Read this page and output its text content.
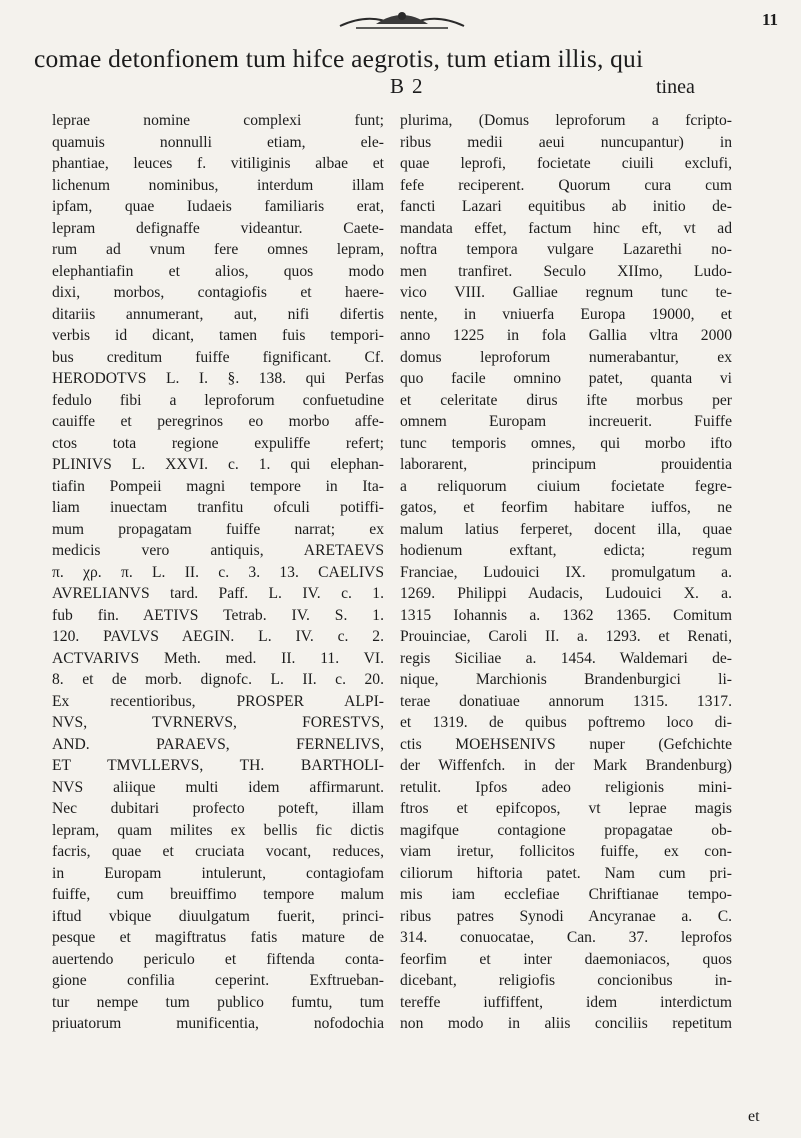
11

comae detonfionem tum hifce aegrotis, tum etiam illis, qui

B 2	tinea

leprae nomine complexi funt;

quamuis nonnulli etiam, ele-

phantiae, leuces f. vitiliginis albae et

lichenum nominibus, interdum illam

ipfam, quae Iudaeis familiaris erat,

lepram defignaffe videantur. Caete-

rum ad vnum fere omnes lepram,

elephantiafin et alios, quos modo

dixi, morbos, contagiofis et haere-

ditariis annumerant, aut, nifi difertis

verbis id dicant, tamen fuis tempori-

bus creditum fuiffe fignificant. Cf.

HERODOTVS L. I. §. 138. qui Perfas

fedulo fibi a leproforum confuetudine

cauiffe et peregrinos eo morbo affe-

ctos tota regione expuliffe refert;

PLINIVS L. XXVI. c. 1. qui elephan-

tiafin Pompeii magni tempore in Ita-

liam inuectam tranfitu ofculi potiffi-

mum propagatam fuiffe narrat; ex

medicis vero antiquis, ARETAEVS

π. χρ. π. L. II. c. 3. 13. CAELIVS

AVRELIANVS tard. Paff. L. IV. c. 1.

fub fin. AETIVS Tetrab. IV. S. 1.

120. PAVLVS AEGIN. L. IV. c. 2.

ACTVARIVS Meth. med. II. 11. VI.

8. et de morb. dignofc. L. II. c. 20.

Ex recentioribus, PROSPER ALPI-

NVS, TVRNERVS, FORESTVS,

AND. PARAEVS, FERNELIVS,

ET TMVLLERVS, TH. BARTHOLI-

NVS aliique multi idem affirmarunt.

Nec dubitari profecto poteft, illam

lepram, quam milites ex bellis fic dictis

facris, quae et cruciata vocant, reduces,

in Europam intulerunt, contagiofam

fuiffe, cum breuiffimo tempore malum

iftud vbique diuulgatum fuerit, princi-

pesque et magiftratus fatis mature de

auertendo periculo et fiftenda conta-

gione confilia ceperint. Exftrueban-

tur nempe tum publico fumtu, tum

priuatorum munificentia, nofodochia

plurima, (Domus leproforum a fcripto-

ribus medii aeui nuncupantur) in

quae leprofi, focietate ciuili exclufi,

fefe reciperent. Quorum cura cum

fancti Lazari equitibus ab initio de-

mandata effet, factum hinc eft, vt ad

noftra tempora vulgare Lazarethi no-

men tranfiret. Seculo XIImo, Ludo-

vico VIII. Galliae regnum tunc te-

nente, in vniuerfa Europa 19000, et

anno 1225 in fola Gallia vltra 2000

domus leproforum numerabantur, ex

quo facile omnino patet, quanta vi

et celeritate dirus ifte morbus per

omnem Europam increuerit. Fuiffe

tunc temporis omnes, qui morbo ifto

laborarent, principum prouidentia

a reliquorum ciuium focietate fegre-

gatos, et feorfim habitare iuffos, ne

malum latius ferperet, docent illa, quae

hodienum exftant, edicta; regum

Franciae, Ludouici IX. promulgatum a.

1269. Philippi Audacis, Ludouici X. a.

1315 Iohannis a. 1362 1365. Comitum

Prouinciae, Caroli II. a. 1293. et Renati,

regis Siciliae a. 1454. Waldemari de-

nique, Marchionis Brandenburgici li-

terae donatiuae annorum 1315. 1317.

et 1319. de quibus poftremo loco di-

ctis MOEHSENIVS nuper (Gefchichte

der Wiffenfch. in der Mark Brandenburg)

retulit. Ipfos adeo religionis mini-

ftros et epifcopos, vt leprae magis

magifque contagione propagatae ob-

viam iretur, follicitos fuiffe, ex con-

ciliorum hiftoria patet. Nam cum pri-

mis iam ecclefiae Chriftianae tempo-

ribus patres Synodi Ancyranae a. C.

314. conuocatae, Can. 37. leprofos

feorfim et inter daemoniacos, quos

dicebant, religiofis concionibus in-

tereffe iuffiffent, idem interdictum

non modo in aliis conciliis repetitum

et
